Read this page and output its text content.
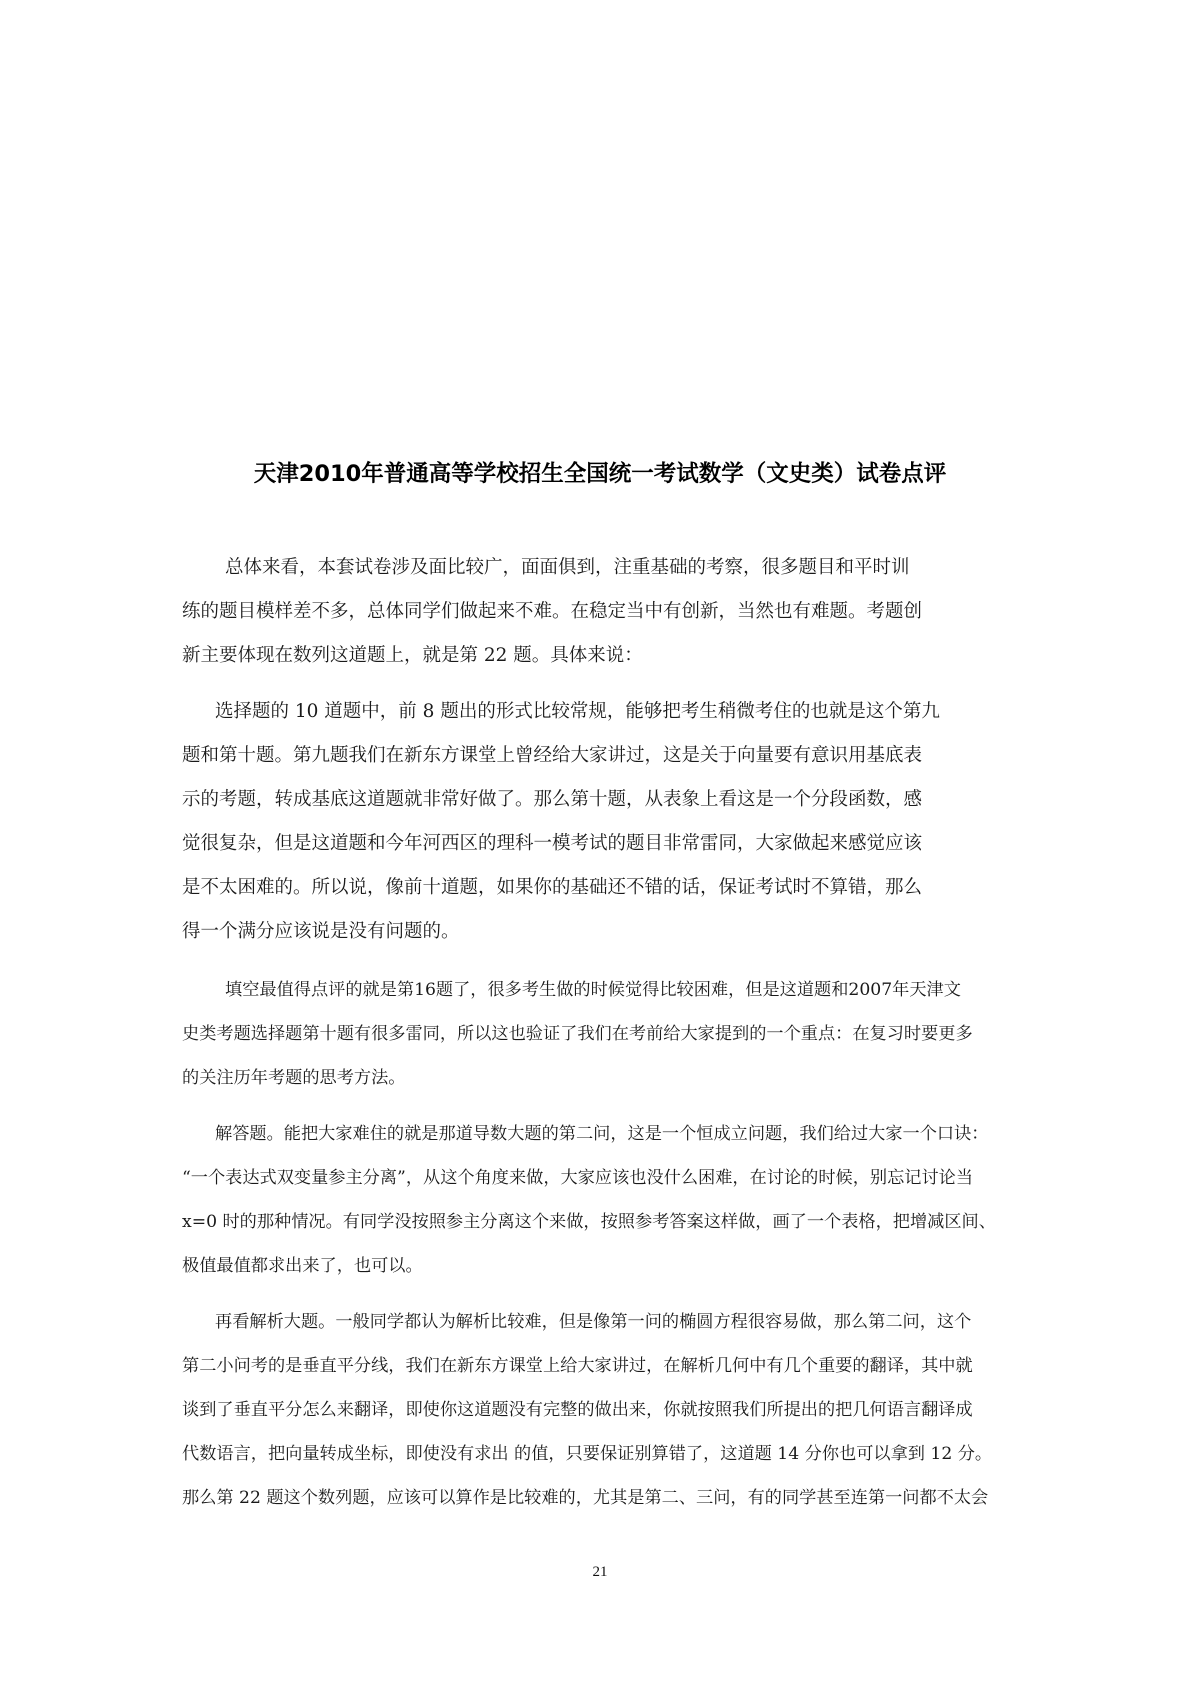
天津2010年普通高等学校招生全国统一考试数学（文史类）试卷点评
总体来看，本套试卷涉及面比较广，面面俱到，注重基础的考察，很多题目和平时训
练的题目模样差不多，总体同学们做起来不难。在稳定当中有创新，当然也有难题。考题创
新主要体现在数列这道题上，就是第 22 题。具体来说：
选择题的 10 道题中，前 8 题出的形式比较常规，能够把考生稍微考住的也就是这个第九
题和第十题。第九题我们在新东方课堂上曾经给大家讲过，这是关于向量要有意识用基底表
示的考题，转成基底这道题就非常好做了。那么第十题，从表象上看这是一个分段函数，感
觉很复杂，但是这道题和今年河西区的理科一模考试的题目非常雷同，大家做起来感觉应该
是不太困难的。所以说，像前十道题，如果你的基础还不错的话，保证考试时不算错，那么
得一个满分应该说是没有问题的。
填空最值得点评的就是第16题了，很多考生做的时候觉得比较困难，但是这道题和2007年天津文
史类考题选择题第十题有很多雷同，所以这也验证了我们在考前给大家提到的一个重点：在复习时要更多
的关注历年考题的思考方法。
解答题。能把大家难住的就是那道导数大题的第二问，这是一个恒成立问题，我们给过大家一个口诀：
“一个表达式双变量参主分离”，从这个角度来做，大家应该也没什么困难，在讨论的时候，别忘记讨论当
x=0 时的那种情况。有同学没按照参主分离这个来做，按照参考答案这样做，画了一个表格，把增减区间、
极值最值都求出来了，也可以。
再看解析大题。一般同学都认为解析比较难，但是像第一问的椭圆方程很容易做，那么第二问，这个
第二小问考的是垂直平分线，我们在新东方课堂上给大家讲过，在解析几何中有几个重要的翻译，其中就
谈到了垂直平分怎么来翻译，即使你这道题没有完整的做出来，你就按照我们所提出的把几何语言翻译成
代数语言，把向量转成坐标，即使没有求出 的值，只要保证别算错了，这道题 14 分你也可以拿到 12 分。
那么第 22 题这个数列题，应该可以算作是比较难的，尤其是第二、三问，有的同学甚至连第一问都不太会
21
